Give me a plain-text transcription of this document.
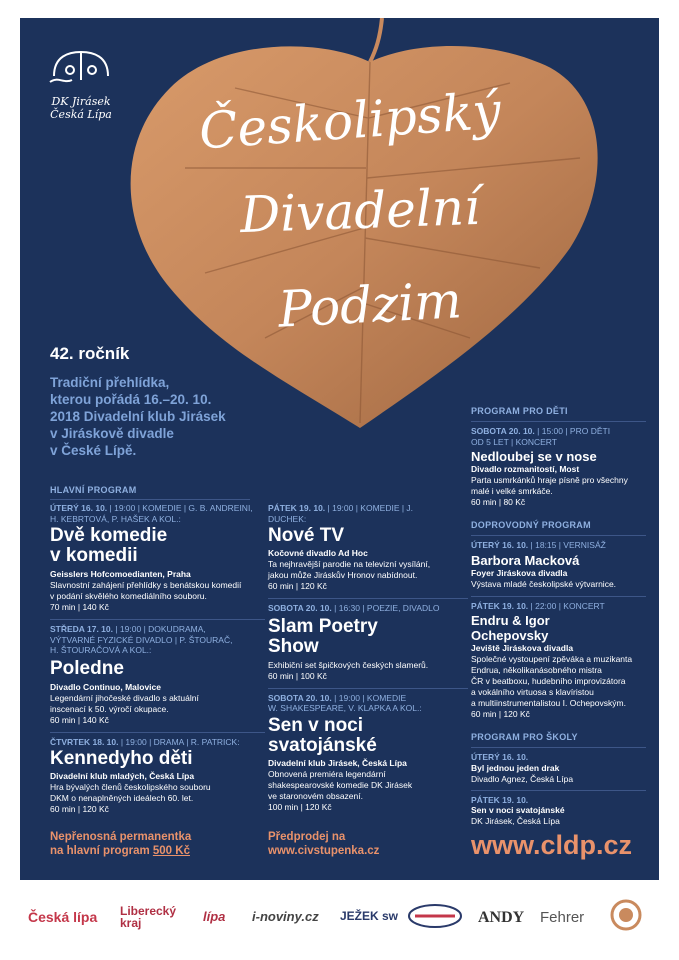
DK Jirásek
Česká Lípa	Českolipský
Divadelní
Podzim
42. ročník
Tradiční přehlídka,
kterou pořádá 16.–20. 10.
2018 Divadelní klub Jirásek
v Jiráskově divadle
v České Lípě.
HLAVNÍ PROGRAM
ÚTERÝ 16. 10. | 19:00 | KOMEDIE | G. B. ANDREINI,
H. KEBRTOVÁ, P. HAŠEK A KOL.:
Dvě komedie
v komedii
Geisslers Hofcomoedianten, Praha
Slavnostní zahájení přehlídky s benátskou komedií
v podání skvělého komediálního souboru.
70 min | 140 Kč
STŘEDA 17. 10. | 19:00 | DOKUDRAMA,
VÝTVARNÉ FYZICKÉ DIVADLO | P. ŠTOURAČ,
H. ŠTOURAČOVÁ A KOL.:
Poledne
Divadlo Continuo, Malovice
Legendární jihočeské divadlo s aktuální
inscenací k 50. výročí okupace.
60 min | 140 Kč
ČTVRTEK 18. 10. | 19:00 | DRAMA | R. PATRICK:
Kennedyho děti
Divadelní klub mladých, Česká Lípa
Hra bývalých členů českolipského souboru
DKM o nenaplněných ideálech 60. let.
60 min | 120 Kč
PÁTEK 19. 10. | 19:00 | KOMEDIE | J.
DUCHEK:
Nové TV
Kočovné divadlo Ad Hoc
Ta nejhravější parodie na televizní vysílání,
jakou může Jiráskův Hronov nabídnout.
60 min | 120 Kč
SOBOTA 20. 10. | 16:30 | POEZIE, DIVADLO
Slam Poetry
Show
Exhibiční set špičkových českých slamerů.
60 min | 100 Kč
SOBOTA 20. 10. | 19:00 | KOMEDIE
W. SHAKESPEARE, V. KLAPKA A KOL.:
Sen v noci
svatojánské
Divadelní klub Jirásek, Česká Lípa
Obnovená premiéra legendární
shakespearovské komedie DK Jirásek
ve staronovém obsazení.
100 min | 120 Kč
PROGRAM PRO DĚTI
SOBOTA 20. 10. | 15:00 | PRO DĚTI
OD 5 LET | KONCERT
Nedloubej se v nose
Divadlo rozmanitostí, Most
Parta usmrkánků hraje písně pro všechny
malé i velké smrkáče.
60 min | 80 Kč
DOPROVODNÝ PROGRAM
ÚTERÝ 16. 10. | 18:15 | VERNISÁŽ
Barbora Macková
Foyer Jiráskova divadla
Výstava mladé českolipské výtvarnice.
PÁTEK 19. 10. | 22:00 | KONCERT
Endru & Igor
Ochepovsky
Jeviště Jiráskova divadla
Společné vystoupení zpěváka a muzikanta
Endrua, několikanásobného mistra
ČR v beatboxu, hudebního improvizátora
a vokálního virtuosa s klavíristou
a multiinstrumentalistou I. Ochepovským.
60 min | 120 Kč
PROGRAM PRO ŠKOLY
ÚTERÝ 16. 10.
Byl jednou jeden drak
Divadlo Agnez, Česká Lípa
PÁTEK 19. 10.
Sen v noci svatojánské
DK Jirásek, Česká Lípa
Nepřenosná permanentka
na hlavní program 500 Kč
Předprodej na
www.civstupenka.cz	www.cldp.cz
Česká lípa Liberecký kraj	lípa i-noviny.cz JEŽEK sw	ANDY Fehrer
